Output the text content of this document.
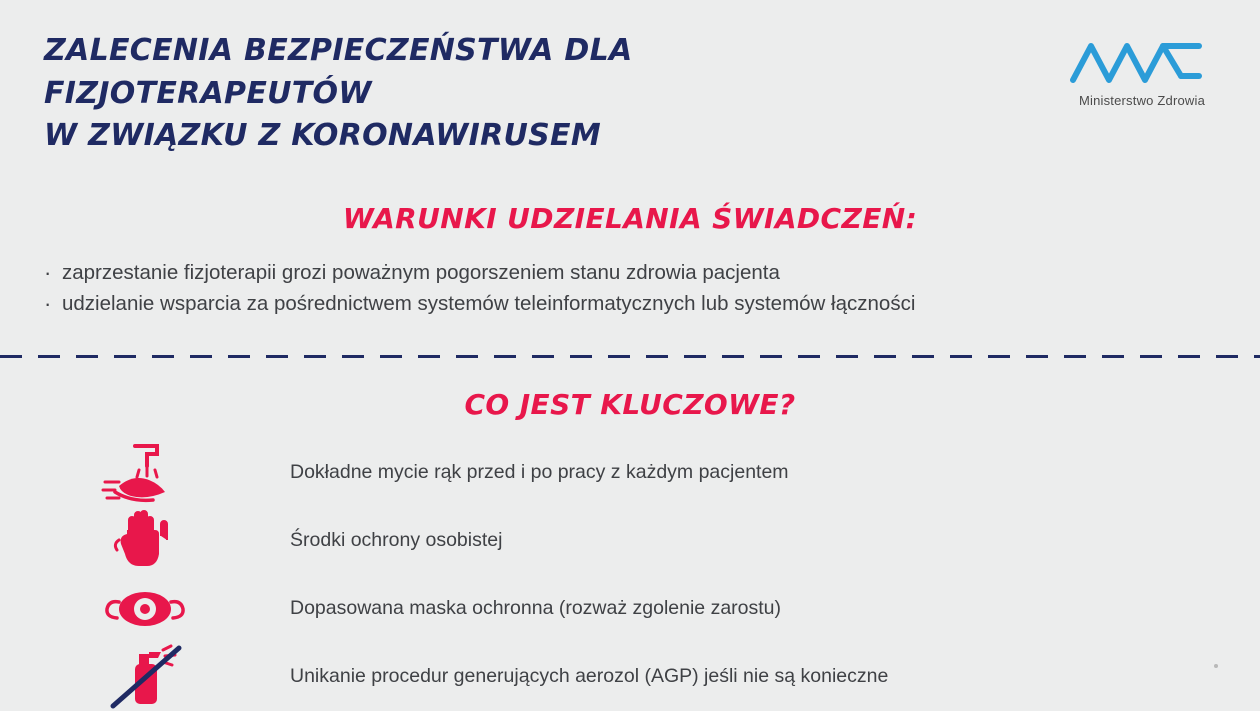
ZALECENIA BEZPIECZEŃSTWA DLA FIZJOTERAPEUTÓW
W ZWIĄZKU Z KORONAWIRUSEM
Ministerstwo Zdrowia
WARUNKI UDZIELANIA ŚWIADCZEŃ:
· zaprzestanie fizjoterapii grozi poważnym pogorszeniem stanu zdrowia pacjenta
· udzielanie wsparcia za pośrednictwem systemów teleinformatycznych lub systemów łączności
CO JEST KLUCZOWE?
Dokładne mycie rąk przed i po pracy z każdym pacjentem
Środki ochrony osobistej
Dopasowana maska ochronna (rozważ zgolenie zarostu)
Unikanie procedur generujących aerozol (AGP) jeśli nie są konieczne
